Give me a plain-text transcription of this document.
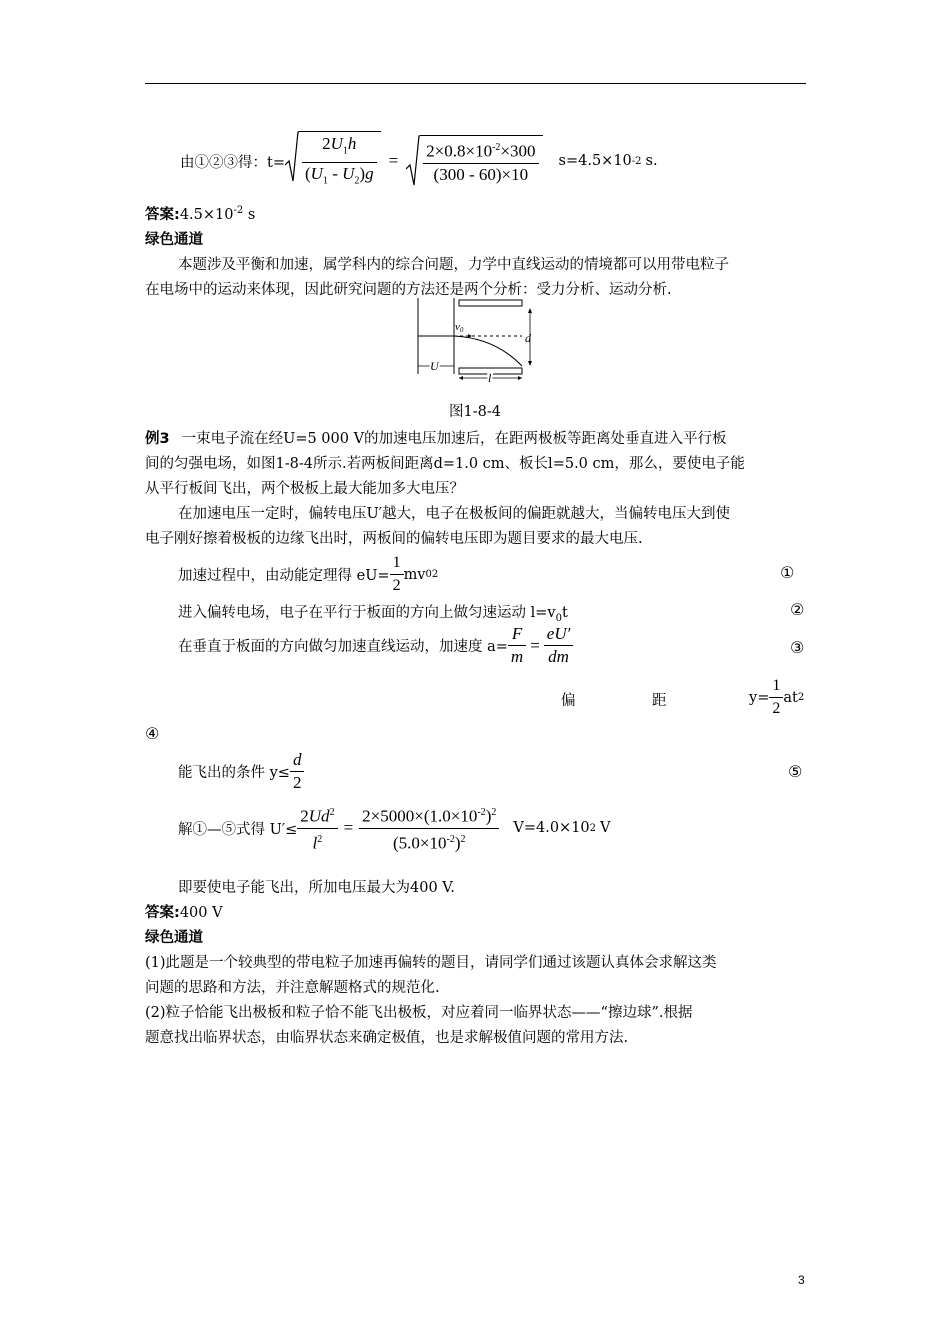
由①②③得：$t= \frac{2U_1h}{(U_1 - U_2)g} = \frac{2\times 0.8\times 10^{-2}\times 300}{(300 - 60)\times 10} s=4.5\times 10$ -2 s.
答案$:4.5\times 10^{-2}$ s
绿色通道
本题涉及平衡和加速，属学科内的综合问题，力学中直线运动的情境都可以用带电粒子
在电场中的运动来体现，因此研究问题的方法还是两个分析：受力分析、运动分析.
v0
d
U
l
图1-8-4
例3 一束电子流在经U=5 000 V的加速电压加速后，在距两极板等距离处垂直进入平行板
间的匀强电场，如图1-8-4所示.若两板间距离d=1.0 cm、板长l=5.0 cm，那么，要使电子能
从平行板间飞出，两个极板上最大能加多大电压？
在加速电压一定时，偏转电压U′越大，电子在极板间的偏距就越大，当偏转电压大到使
电子刚好擦着极板的边缘飞出时，两板间的偏转电压即为题目要求的最大电压.
加速过程中，由动能定理得 $eU= \frac{1}{2}$ mv 0 2	①
进入偏转电场，电子在平行于板面的方向上做匀速运动 $l=v_0t$	②
在垂直于板面的方向做匀加速直线运动，加速度 $a= \frac{F}{m} = \frac{eU'}{dm}$	③
偏	距	$y= \frac{1}{2}$ at 2
④
能飞出的条件 $y\le \frac{d}{2}$	⑤
解①—⑤式得 $U'\le \frac{2Ud^2}{l^2} = \frac{2\times 5000\times(1.0\times 10^{-2})^2}{(5.0\times 10^{-2})^2} V=4.0\times 10$ 2 V
即要使电子能飞出，所加电压最大为400 V.
答案:400 V
绿色通道
(1)此题是一个较典型的带电粒子加速再偏转的题目，请同学们通过该题认真体会求解这类
问题的思路和方法，并注意解题格式的规范化.
(2)粒子恰能飞出极板和粒子恰不能飞出极板，对应着同一临界状态——“擦边球”.根据
题意找出临界状态，由临界状态来确定极值，也是求解极值问题的常用方法.
3
